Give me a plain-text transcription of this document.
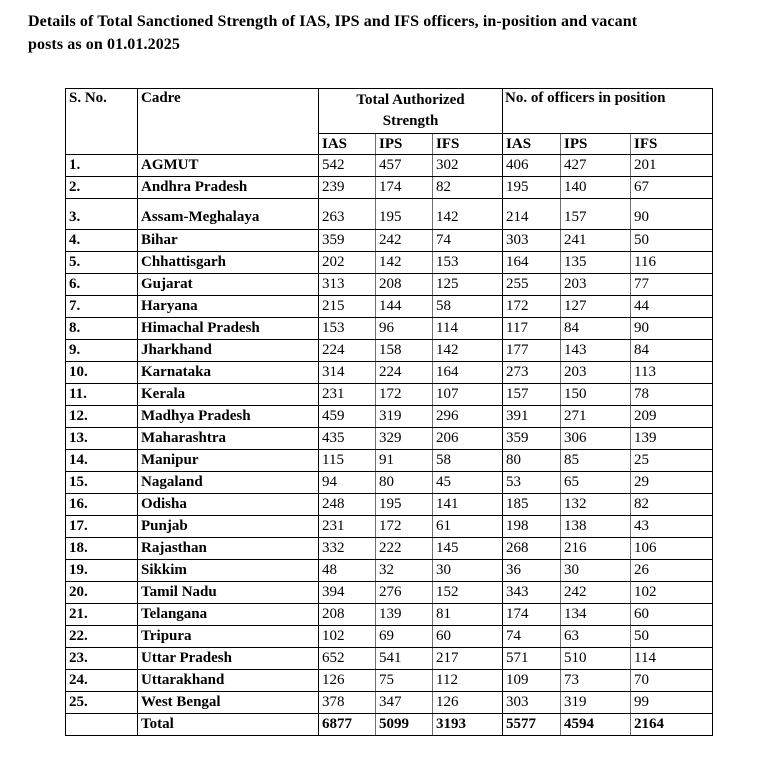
Details of Total Sanctioned Strength of IAS, IPS and IFS officers, in-position and vacant
posts as on 01.01.2025
S. No.	Cadre	Total Authorized Strength			No. of officers in position		
		IAS	IPS	IFS	IAS	IPS	IFS
1.	AGMUT	542	457	302	406	427	201
2.	Andhra Pradesh	239	174	82	195	140	67
3.	Assam-Meghalaya	263	195	142	214	157	90
4.	Bihar	359	242	74	303	241	50
5.	Chhattisgarh	202	142	153	164	135	116
6.	Gujarat	313	208	125	255	203	77
7.	Haryana	215	144	58	172	127	44
8.	Himachal Pradesh	153	96	114	117	84	90
9.	Jharkhand	224	158	142	177	143	84
10.	Karnataka	314	224	164	273	203	113
11.	Kerala	231	172	107	157	150	78
12.	Madhya Pradesh	459	319	296	391	271	209
13.	Maharashtra	435	329	206	359	306	139
14.	Manipur	115	91	58	80	85	25
15.	Nagaland	94	80	45	53	65	29
16.	Odisha	248	195	141	185	132	82
17.	Punjab	231	172	61	198	138	43
18.	Rajasthan	332	222	145	268	216	106
19.	Sikkim	48	32	30	36	30	26
20.	Tamil Nadu	394	276	152	343	242	102
21.	Telangana	208	139	81	174	134	60
22.	Tripura	102	69	60	74	63	50
23.	Uttar Pradesh	652	541	217	571	510	114
24.	Uttarakhand	126	75	112	109	73	70
25.	West Bengal	378	347	126	303	319	99
	Total	6877	5099	3193	5577	4594	2164
